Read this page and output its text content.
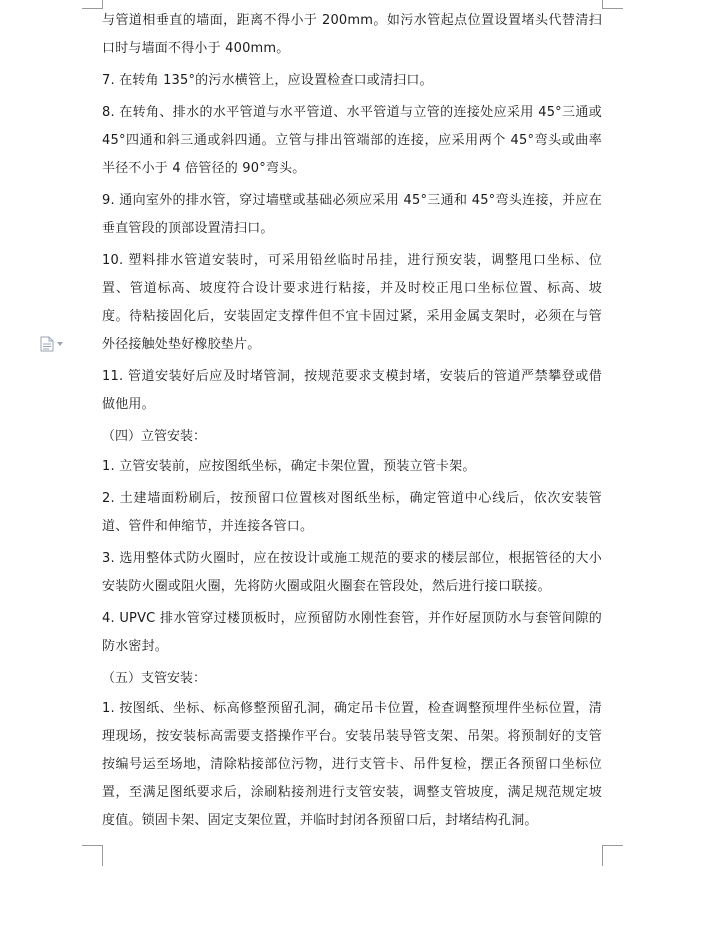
与管道相垂直的墙面，距离不得小于 200mm。如污水管起点位置设置堵头代替清扫口时与墙面不得小于 400mm。

7. 在转角 135°的污水横管上，应设置检查口或清扫口。

8. 在转角、排水的水平管道与水平管道、水平管道与立管的连接处应采用 45°三通或 45°四通和斜三通或斜四通。立管与排出管端部的连接，应采用两个 45°弯头或曲率半径不小于 4 倍管径的 90°弯头。

9. 通向室外的排水管，穿过墙壁或基础必须应采用 45°三通和 45°弯头连接，并应在垂直管段的顶部设置清扫口。

10. 塑料排水管道安装时，可采用铅丝临时吊挂，进行预安装，调整甩口坐标、位置、管道标高、坡度符合设计要求进行粘接，并及时校正甩口坐标位置、标高、坡度。待粘接固化后，安装固定支撑件但不宜卡固过紧，采用金属支架时，必须在与管外径接触处垫好橡胶垫片。

11. 管道安装好后应及时堵管洞，按规范要求支模封堵，安装后的管道严禁攀登或借做他用。

（四）立管安装：

1. 立管安装前，应按图纸坐标，确定卡架位置，预装立管卡架。

2. 土建墙面粉刷后，按预留口位置核对图纸坐标，确定管道中心线后，依次安装管道、管件和伸缩节，并连接各管口。

3. 选用整体式防火圈时，应在按设计或施工规范的要求的楼层部位，根据管径的大小安装防火圈或阻火圈，先将防火圈或阻火圈套在管段处，然后进行接口联接。

4. UPVC 排水管穿过楼顶板时，应预留防水刚性套管，并作好屋顶防水与套管间隙的防水密封。

（五）支管安装：

1. 按图纸、坐标、标高修整预留孔洞，确定吊卡位置，检查调整预埋件坐标位置，清理现场，按安装标高需要支搭操作平台。安装吊装导管支架、吊架。将预制好的支管按编号运至场地，清除粘接部位污物，进行支管卡、吊件复检，摆正各预留口坐标位置，至满足图纸要求后，涂刷粘接剂进行支管安装，调整支管坡度，满足规范规定坡度值。锁固卡架、固定支架位置，并临时封闭各预留口后，封堵结构孔洞。
